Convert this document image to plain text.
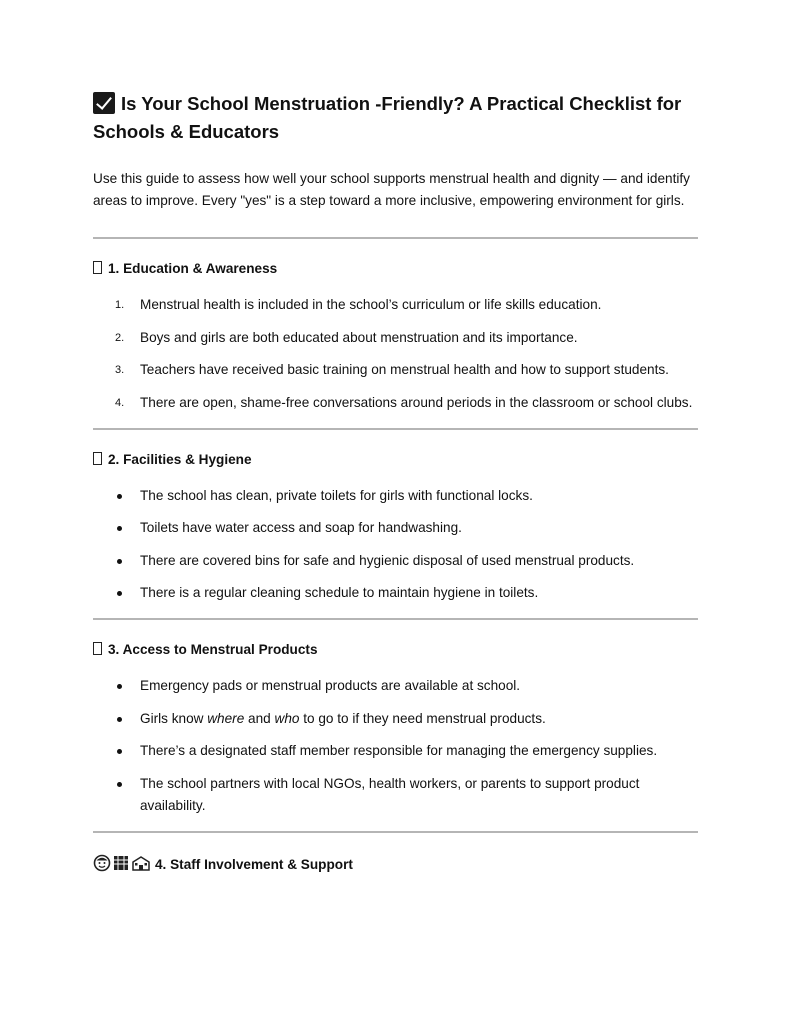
Is Your School Menstruation -Friendly? A Practical Checklist for Schools & Educators

Use this guide to assess how well your school supports menstrual health and dignity — and identify areas to improve. Every "yes" is a step toward a more inclusive, empowering environment for girls.

1. Education & Awareness
1. Menstrual health is included in the school’s curriculum or life skills education.
2. Boys and girls are both educated about menstruation and its importance.
3. Teachers have received basic training on menstrual health and how to support students.
4. There are open, shame-free conversations around periods in the classroom or school clubs.
2. Facilities & Hygiene
The school has clean, private toilets for girls with functional locks.
Toilets have water access and soap for handwashing.
There are covered bins for safe and hygienic disposal of used menstrual products.
There is a regular cleaning schedule to maintain hygiene in toilets.
3. Access to Menstrual Products
Emergency pads or menstrual products are available at school.
Girls know where and who to go to if they need menstrual products.
There’s a designated staff member responsible for managing the emergency supplies.
The school partners with local NGOs, health workers, or parents to support product availability.
4. Staff Involvement & Support
